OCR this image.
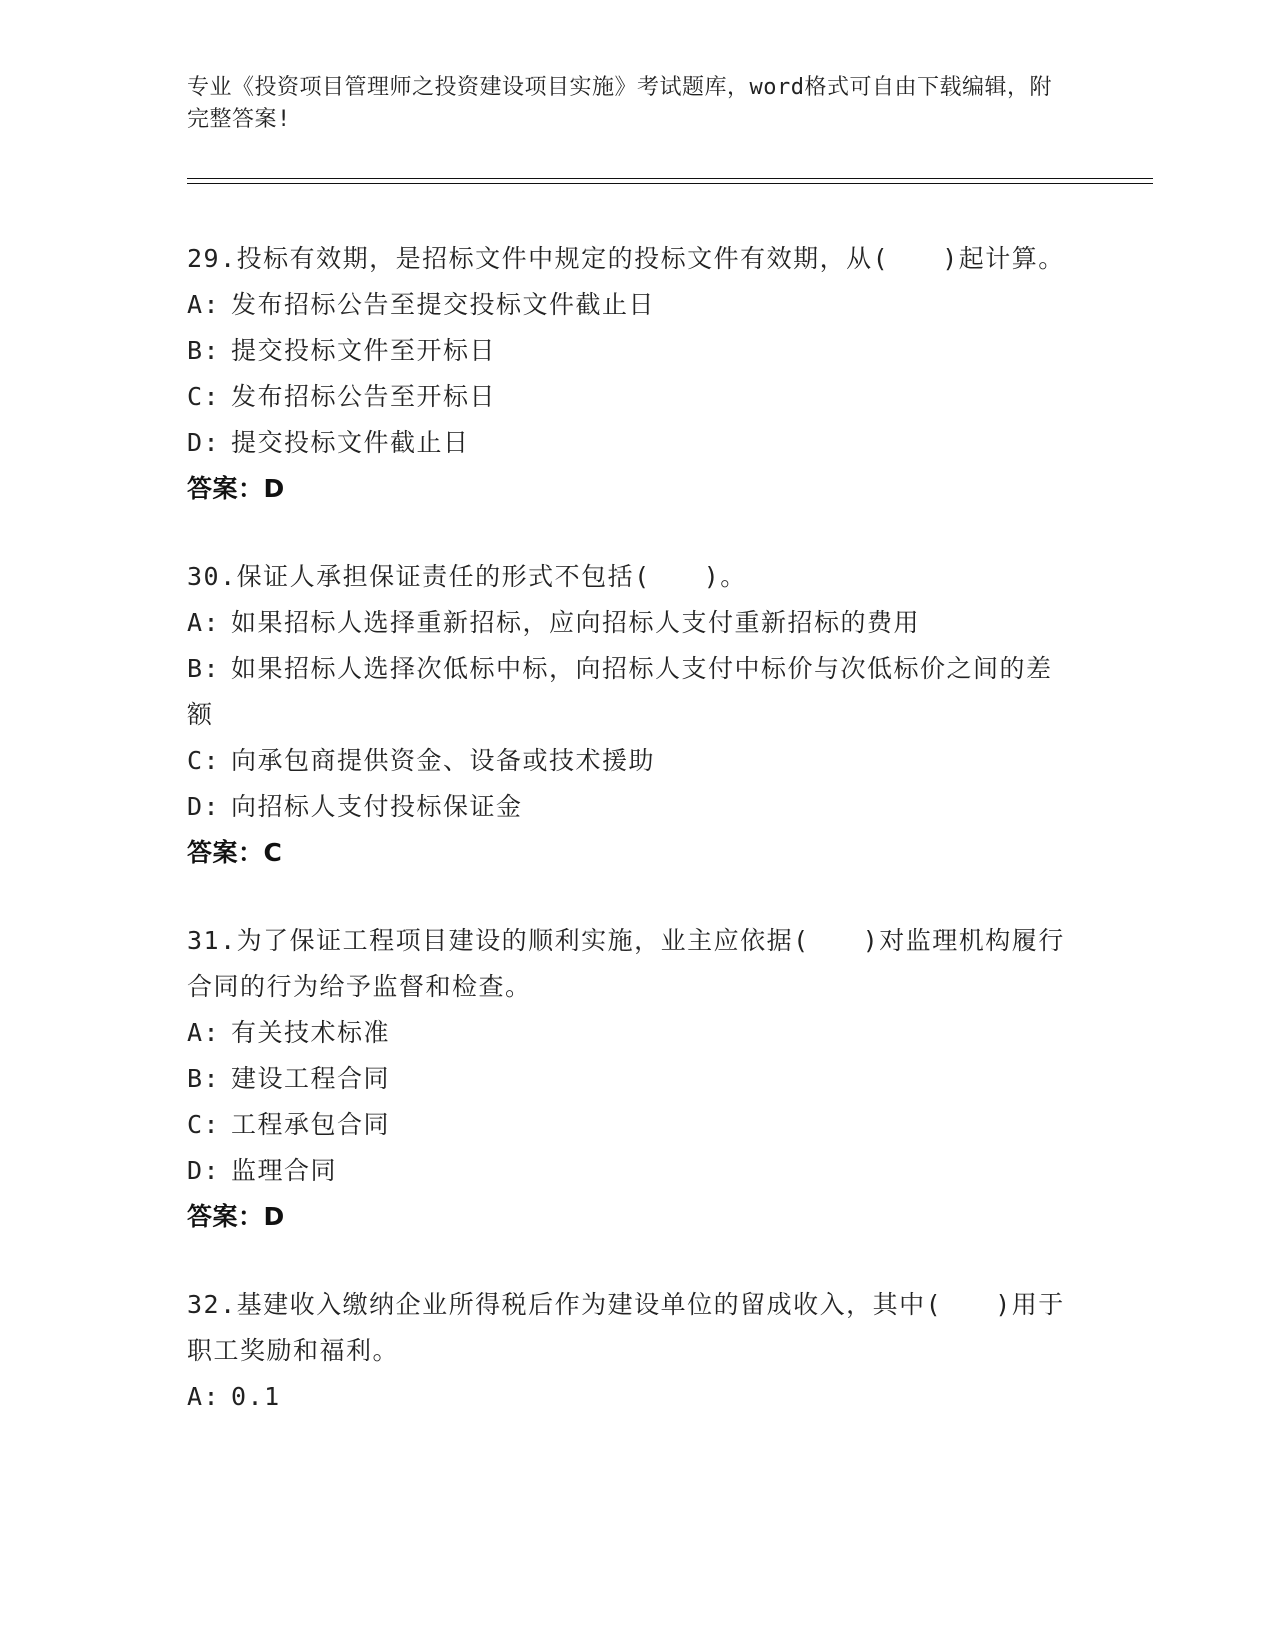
专业《投资项目管理师之投资建设项目实施》考试题库，word格式可自由下载编辑，附完整答案!
29.投标有效期，是招标文件中规定的投标文件有效期，从(　　)起计算。
A: 发布招标公告至提交投标文件截止日
B: 提交投标文件至开标日
C: 发布招标公告至开标日
D: 提交投标文件截止日
答案：D
30.保证人承担保证责任的形式不包括(　　)。
A: 如果招标人选择重新招标，应向招标人支付重新招标的费用
B: 如果招标人选择次低标中标，向招标人支付中标价与次低标价之间的差额
C: 向承包商提供资金、设备或技术援助
D: 向招标人支付投标保证金
答案：C
31.为了保证工程项目建设的顺利实施，业主应依据(　　)对监理机构履行合同的行为给予监督和检查。
A: 有关技术标准
B: 建设工程合同
C: 工程承包合同
D: 监理合同
答案：D
32.基建收入缴纳企业所得税后作为建设单位的留成收入，其中(　　)用于职工奖励和福利。
A: 0.1
